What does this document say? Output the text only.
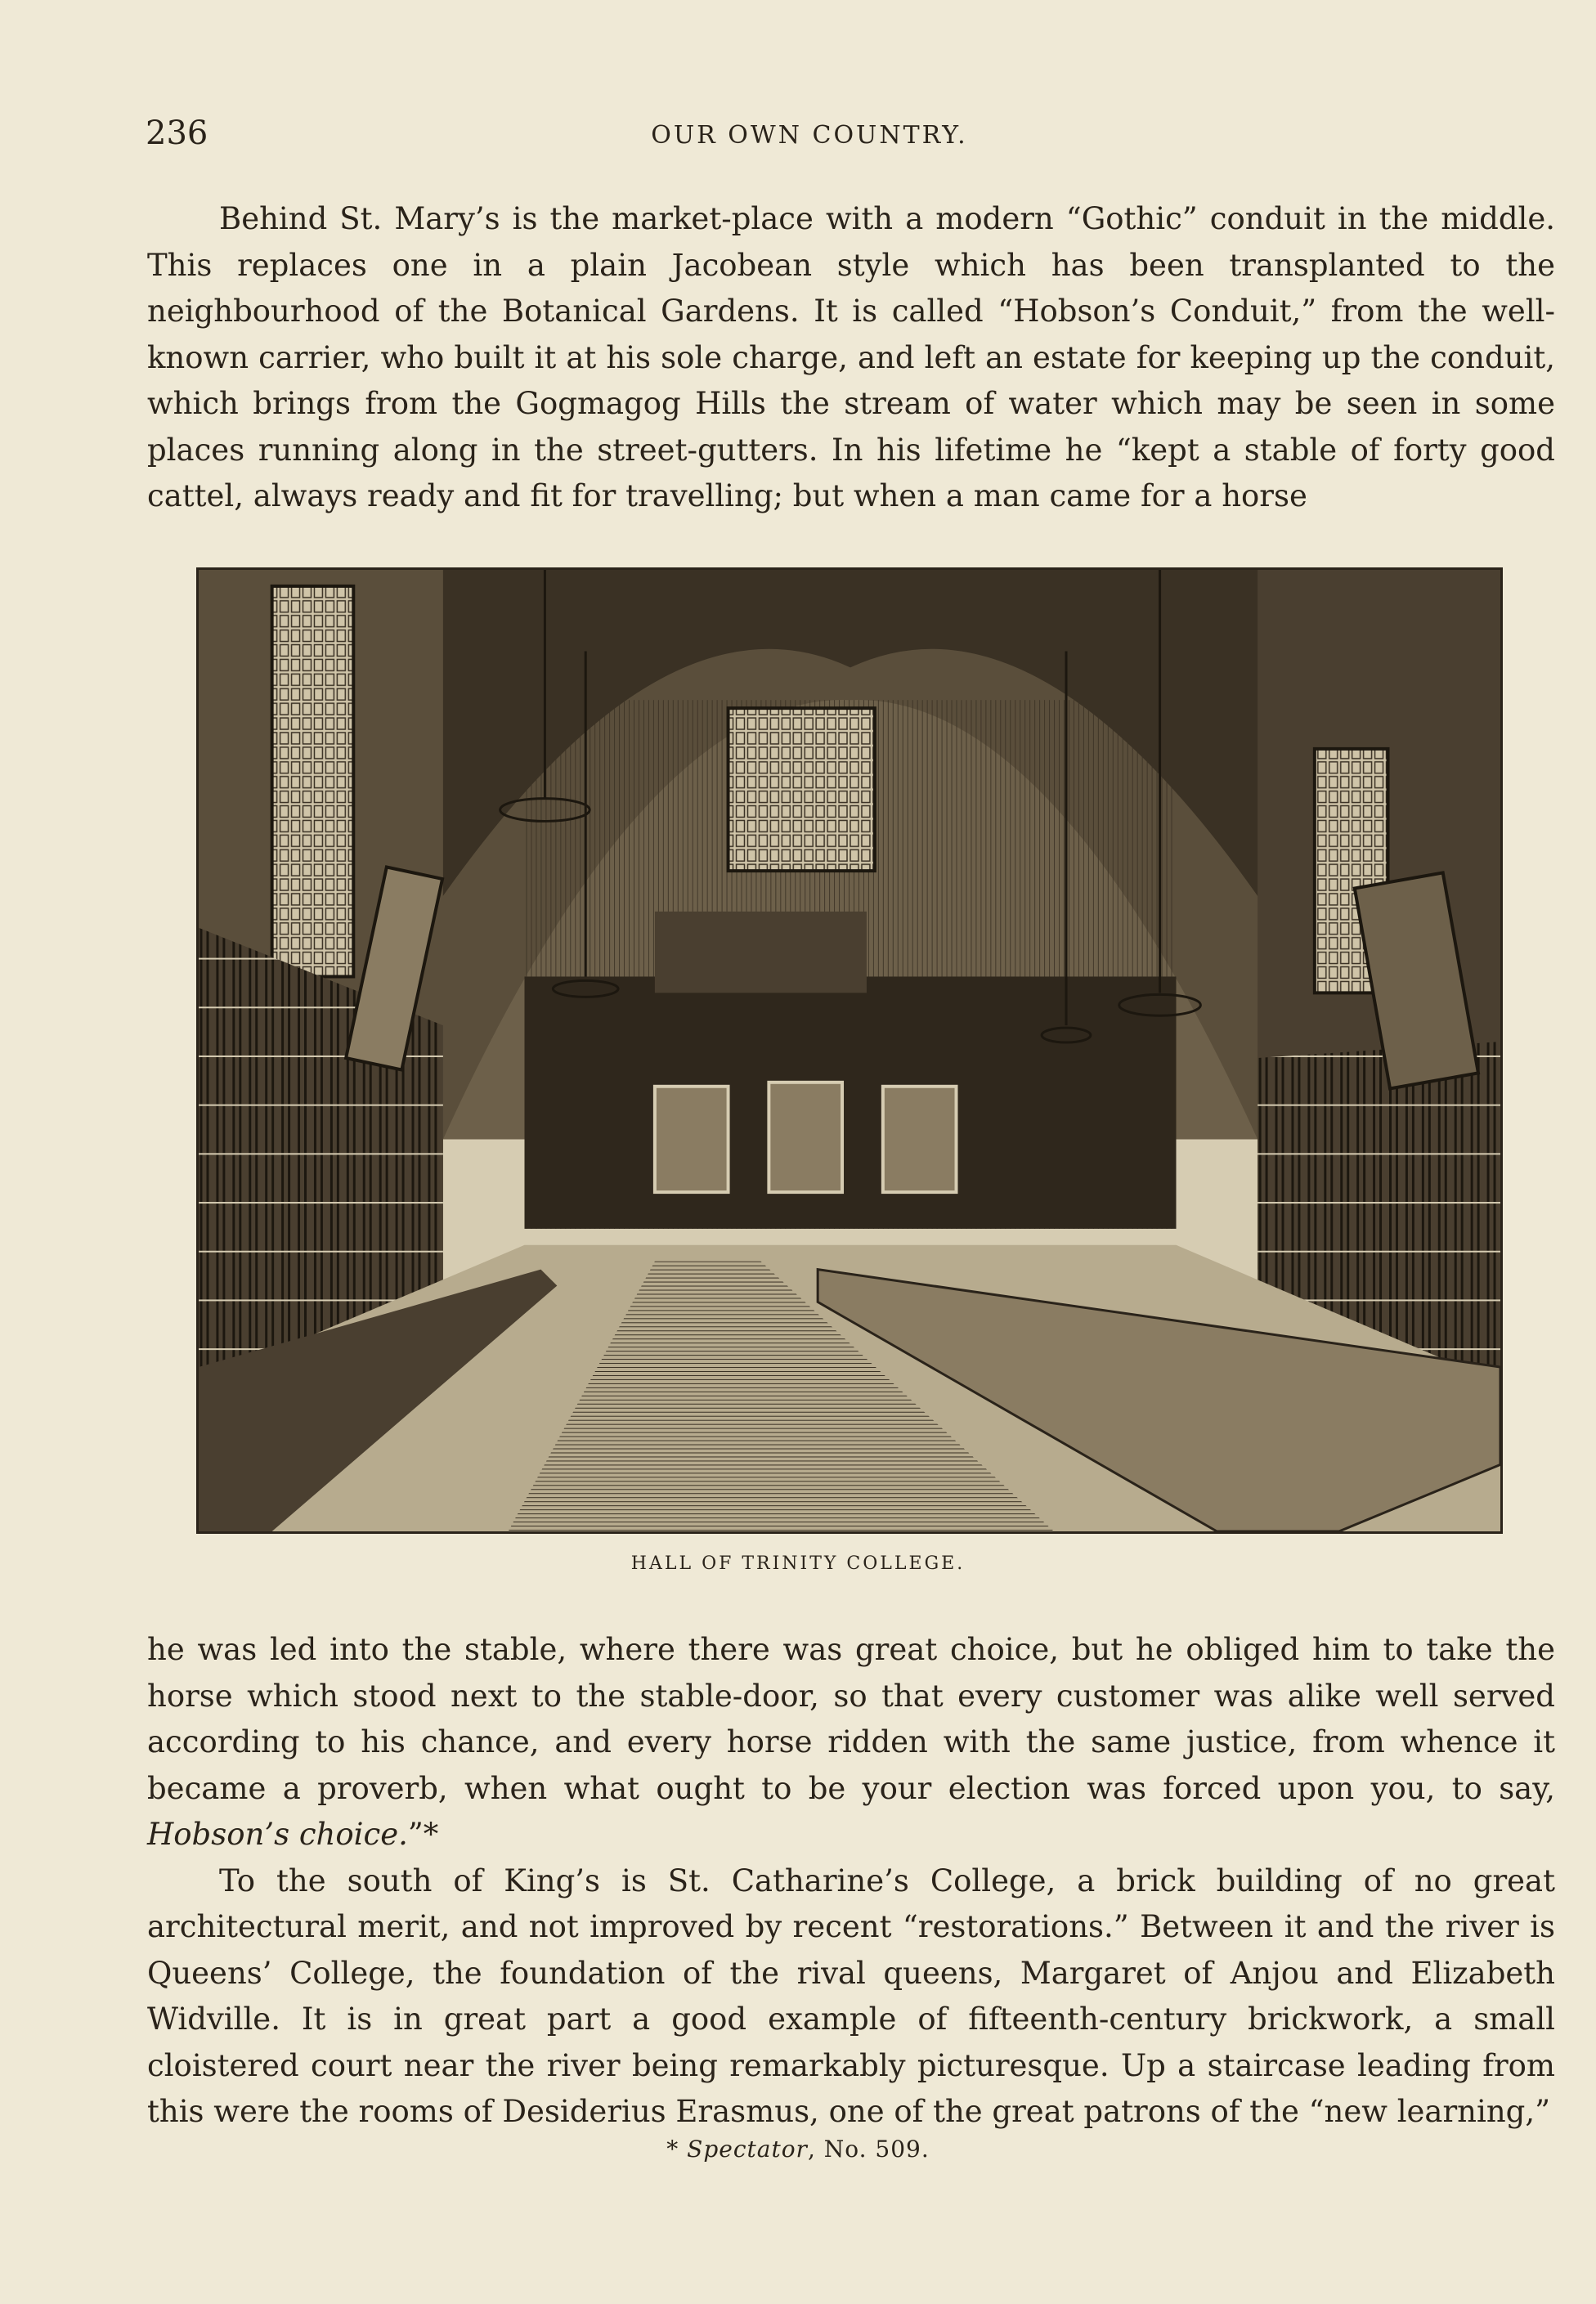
236	OUR OWN COUNTRY.

Behind St. Mary’s is the market-place with a modern “Gothic” conduit in the middle. This replaces one in a plain Jacobean style which has been transplanted to the neighbourhood of the Botanical Gardens. It is called “Hobson’s Conduit,” from the well-known carrier, who built it at his sole charge, and left an estate for keeping up the conduit, which brings from the Gogmagog Hills the stream of water which may be seen in some places running along in the street-gutters. In his lifetime he “kept a stable of forty good cattel, always ready and fit for travelling; but when a man came for a horse

HALL OF TRINITY COLLEGE.

he was led into the stable, where there was great choice, but he obliged him to take the horse which stood next to the stable-door, so that every customer was alike well served according to his chance, and every horse ridden with the same justice, from whence it became a proverb, when what ought to be your election was forced upon you, to say, Hobson’s choice.”*

To the south of King’s is St. Catharine’s College, a brick building of no great architectural merit, and not improved by recent “restorations.” Between it and the river is Queens’ College, the foundation of the rival queens, Margaret of Anjou and Elizabeth Widville. It is in great part a good example of fifteenth-century brickwork, a small cloistered court near the river being remarkably picturesque. Up a staircase leading from this were the rooms of Desiderius Erasmus, one of the great patrons of the “new learning,”

* Spectator, No. 509.
